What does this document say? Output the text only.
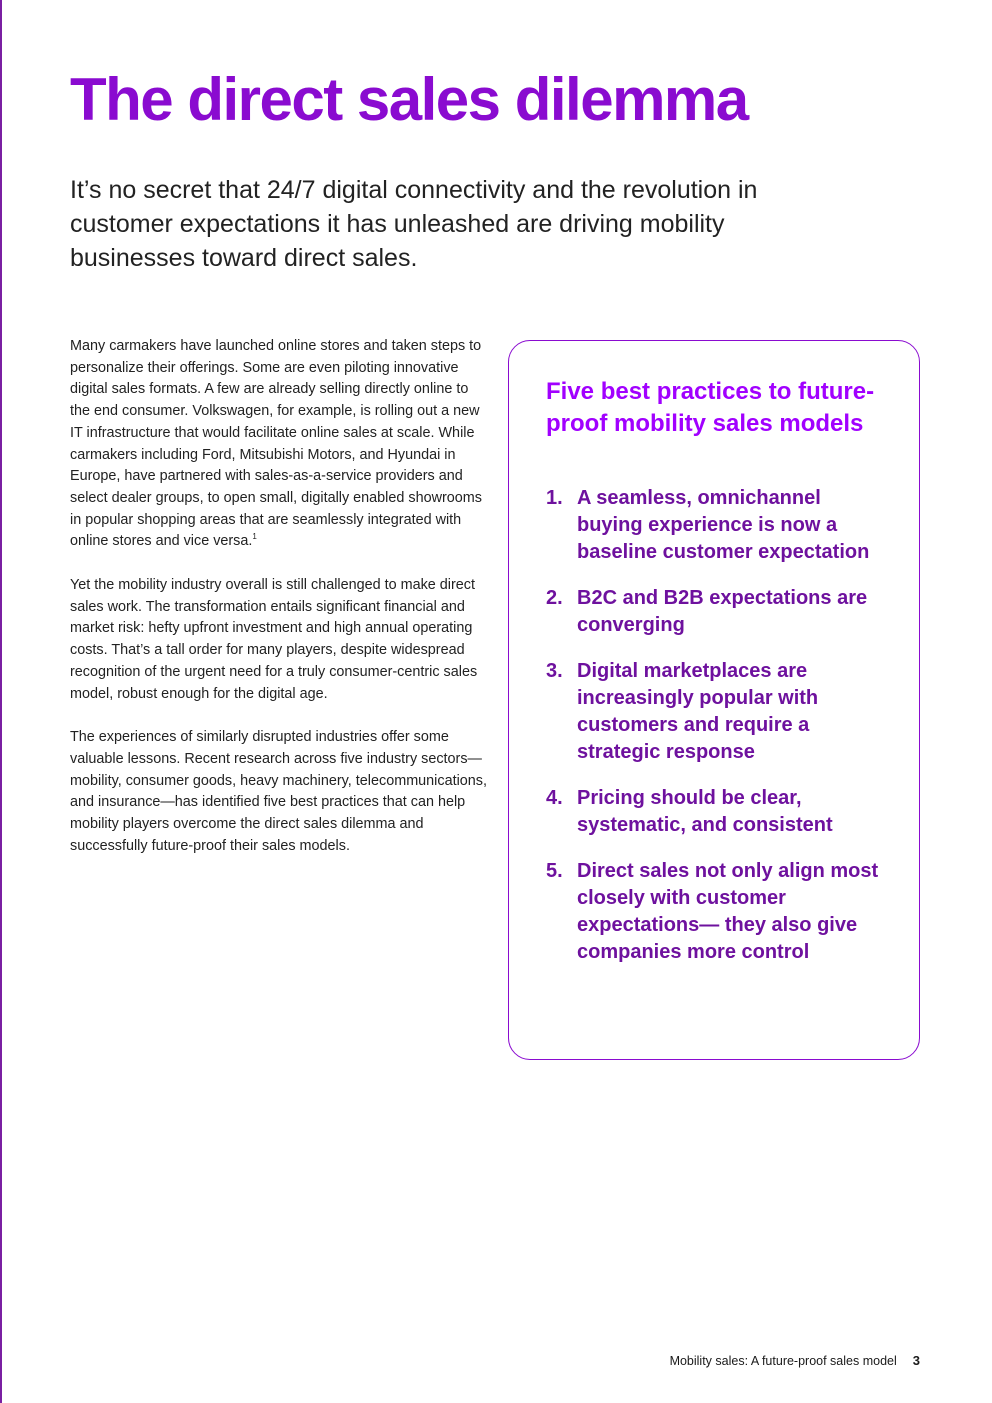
The direct sales dilemma

It’s no secret that 24/7 digital connectivity and the revolution in customer expectations it has unleashed are driving mobility businesses toward direct sales.

Many carmakers have launched online stores and taken steps to personalize their offerings. Some are even piloting innovative digital sales formats. A few are already selling directly online to the end consumer. Volkswagen, for example, is rolling out a new IT infrastructure that would facilitate online sales at scale. While carmakers including Ford, Mitsubishi Motors, and Hyundai in Europe, have partnered with sales-as-a-service providers and select dealer groups, to open small, digitally enabled showrooms in popular shopping areas that are seamlessly integrated with online stores and vice versa.$^1$

Yet the mobility industry overall is still challenged to make direct sales work. The transformation entails significant financial and market risk: hefty upfront investment and high annual operating costs. That’s a tall order for many players, despite widespread recognition of the urgent need for a truly consumer-centric sales model, robust enough for the digital age.

The experiences of similarly disrupted industries offer some valuable lessons. Recent research across five industry sectors—mobility, consumer goods, heavy machinery, telecommunications, and insurance—has identified five best practices that can help mobility players overcome the direct sales dilemma and successfully future-proof their sales models.

Five best practices to future-proof mobility sales models
1. A seamless, omnichannel buying experience is now a baseline customer expectation
2. B2C and B2B expectations are converging
3. Digital marketplaces are increasingly popular with customers and require a strategic response
4. Pricing should be clear, systematic, and consistent
5. Direct sales not only align most closely with customer expectations— they also give companies more control
Mobility sales: A future-proof sales model 3
